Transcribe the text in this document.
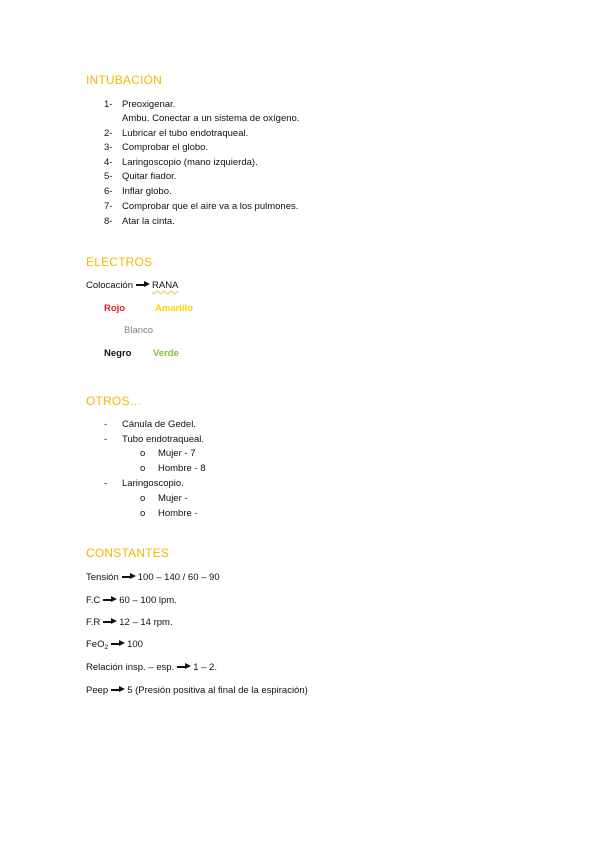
INTUBACIÓN
1- Preoxigenar.
Ambu. Conectar a un sistema de oxígeno.
2- Lubricar el tubo endotraqueal.
3- Comprobar el globo.
4- Laringoscopio (mano izquierda).
5- Quitar fiador.
6- Inflar globo.
7- Comprobar que el aire va a los pulmones.
8- Atar la cinta.
ELECTROS
Colocación RANA
Rojo	Amarillo
Blanco
Negro Verde
OTROS…
- Cánula de Gedel.
- Tubo endotraqueal.
o Mujer - 7
o Hombre - 8
- Laringoscopio.
o Mujer -
o Hombre -
CONSTANTES
Tensión 100 – 140 / 60 – 90
F.C 60 – 100 lpm.
F.R 12 – 14 rpm.
FeO$_2$ 100
Relación insp. – esp. 1 – 2.
Peep 5 (Presión positiva al final de la espiración)
